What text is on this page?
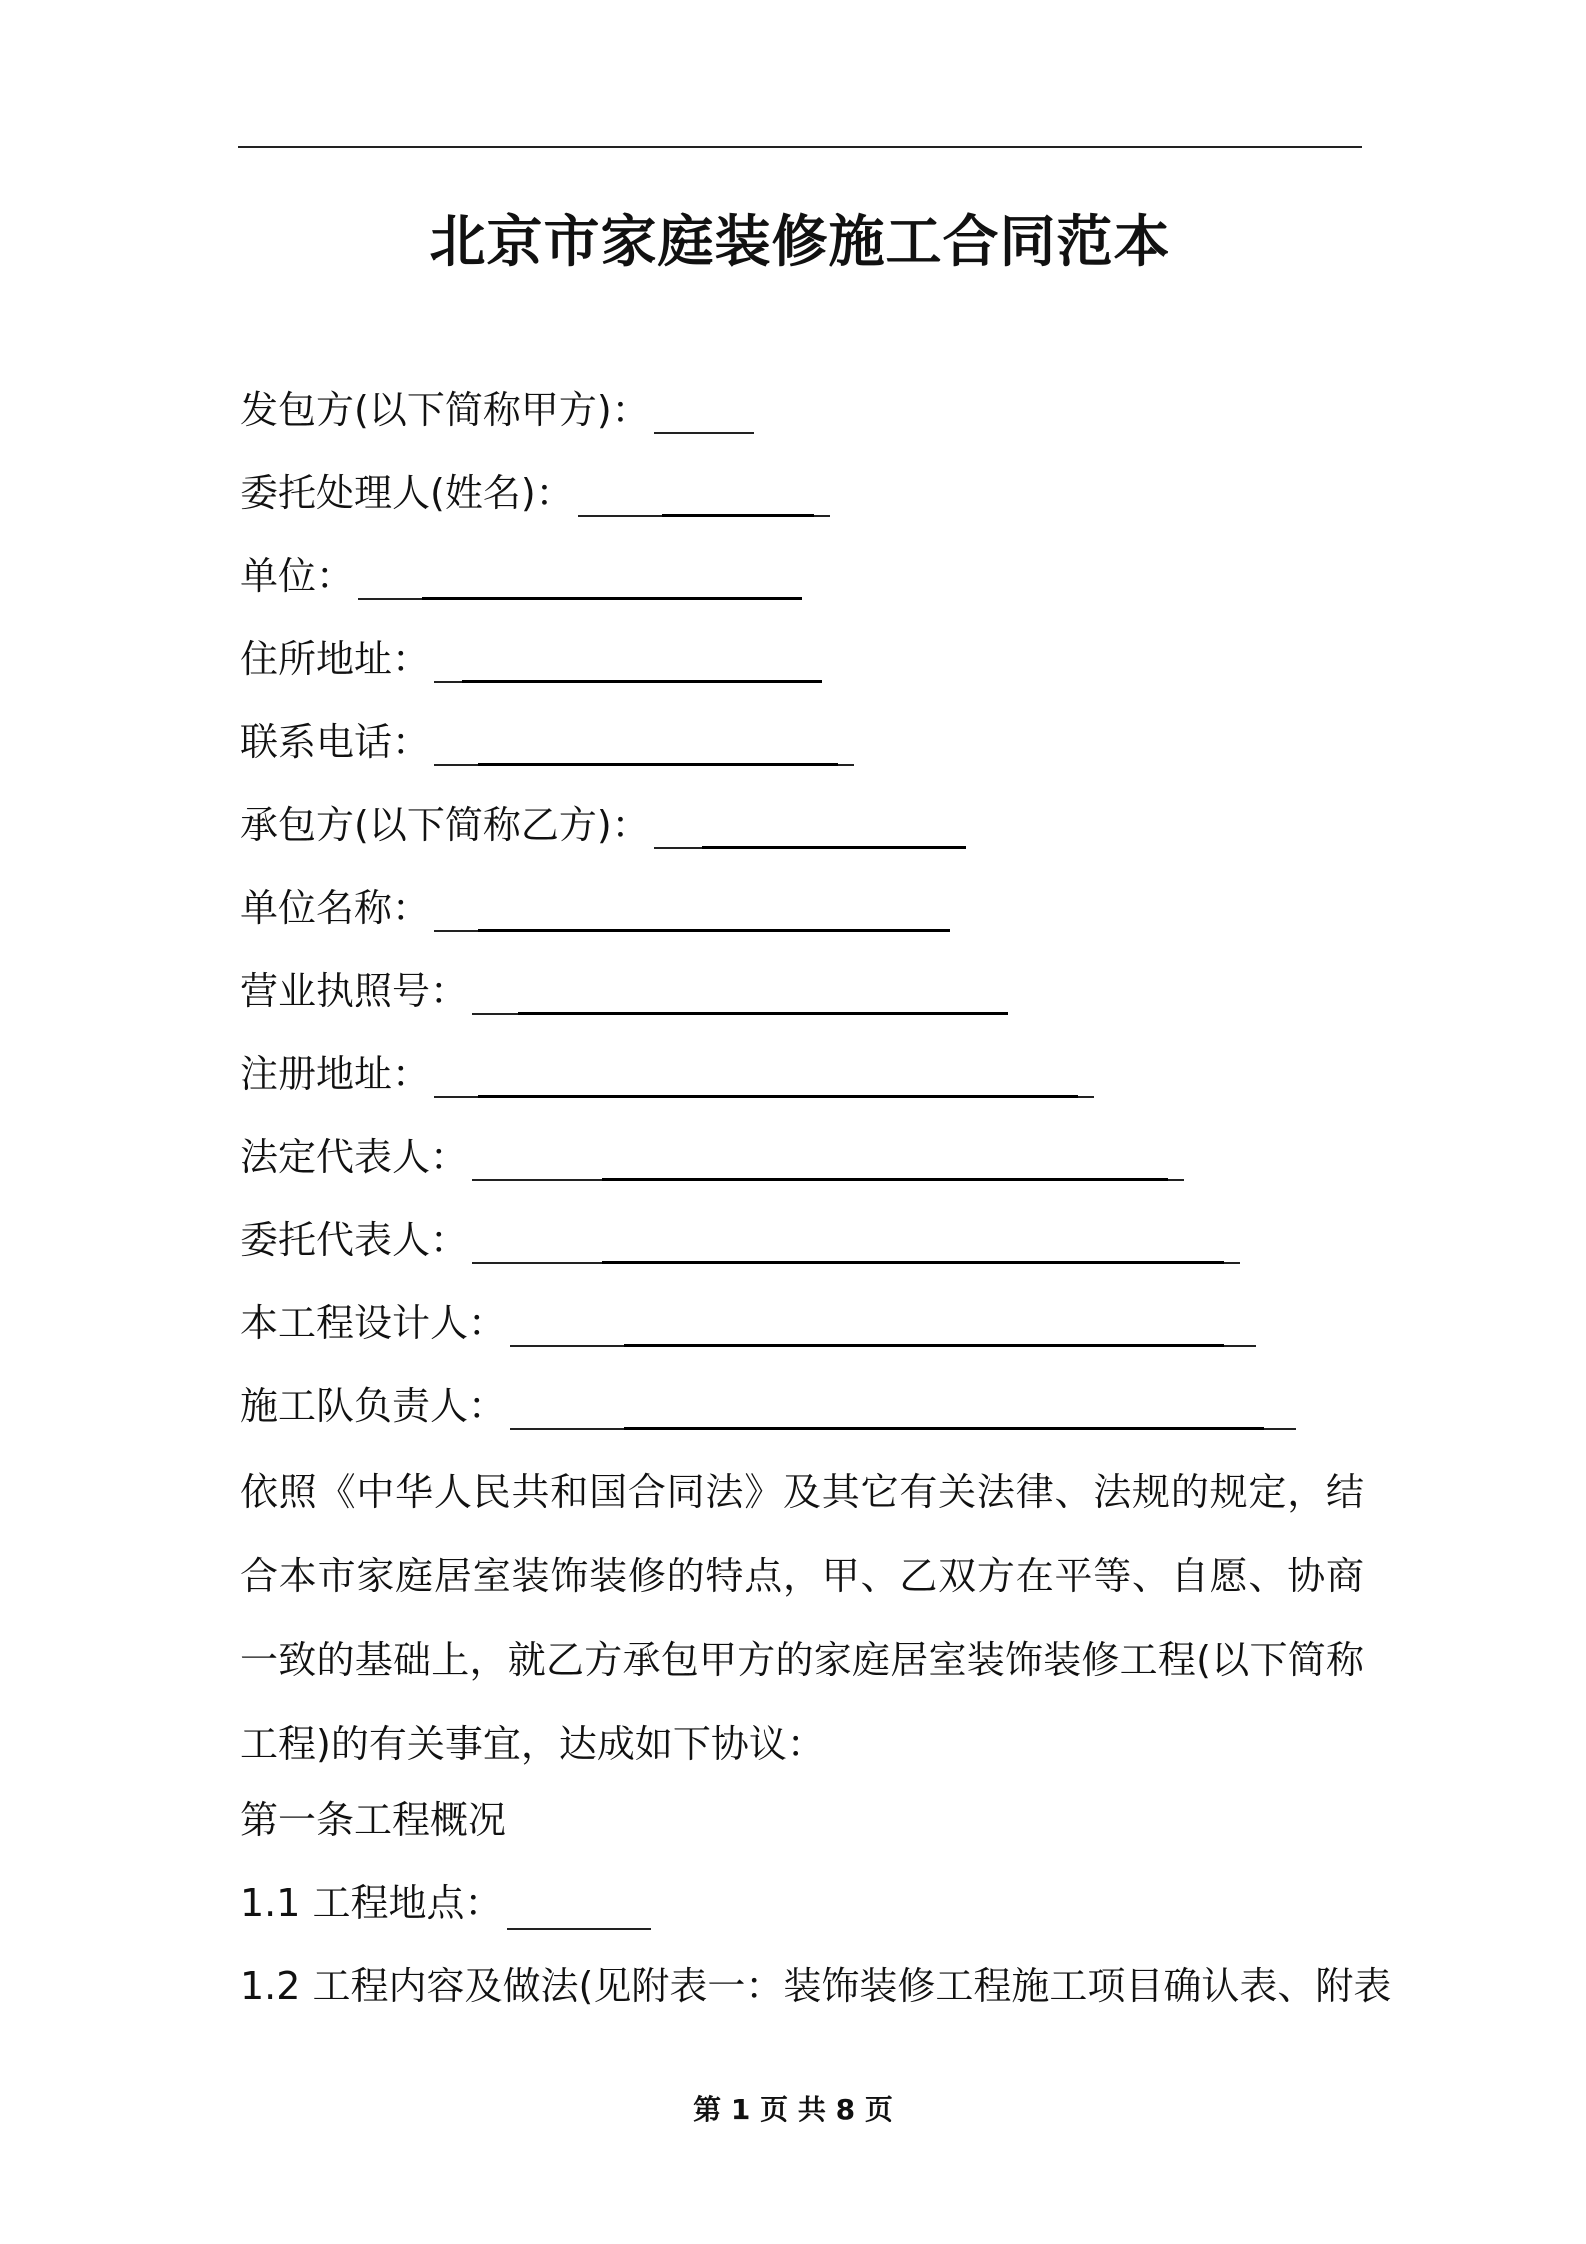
北京市家庭装修施工合同范本
发包方(以下简称甲方)：
委托处理人(姓名)：
单位：
住所地址：
联系电话：
承包方(以下简称乙方)：
单位名称：
营业执照号：
注册地址：
法定代表人：
委托代表人：
本工程设计人：
施工队负责人：

依照《中华人民共和国合同法》及其它有关法律、法规的规定，结合本市家庭居室装饰装修的特点，甲、乙双方在平等、自愿、协商一致的基础上，就乙方承包甲方的家庭居室装饰装修工程(以下简称工程)的有关事宜，达成如下协议：

第一条工程概况
1.1 工程地点：
1.2 工程内容及做法(见附表一：装饰装修工程施工项目确认表、附表
第 1 页 共 8 页
